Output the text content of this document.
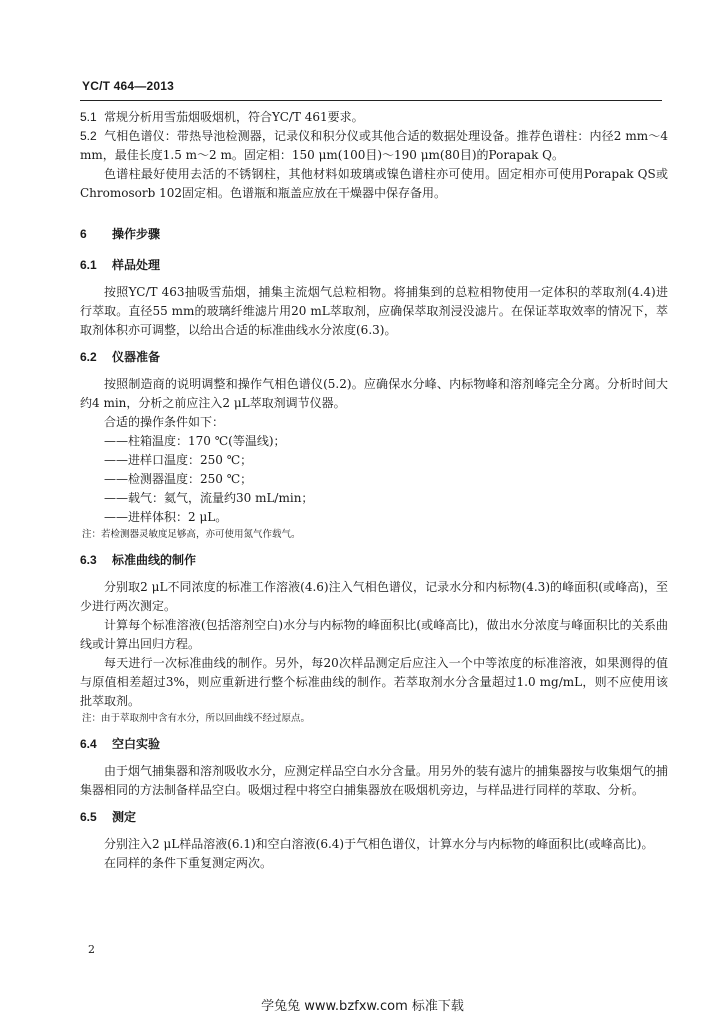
YC/T 464—2013

5.1 常规分析用雪茄烟吸烟机，符合YC/T 461要求。

5.2 气相色谱仪：带热导池检测器，记录仪和积分仪或其他合适的数据处理设备。推荐色谱柱：内径2 mm～4 mm，最佳长度1.5 m～2 m。固定相：150 μm(100目)～190 μm(80目)的Porapak Q。

色谱柱最好使用去活的不锈钢柱，其他材料如玻璃或镍色谱柱亦可使用。固定相亦可使用Porapak QS或Chromosorb 102固定相。色谱瓶和瓶盖应放在干燥器中保存备用。

6 操作步骤

6.1 样品处理

按照YC/T 463抽吸雪茄烟，捕集主流烟气总粒相物。将捕集到的总粒相物使用一定体积的萃取剂(4.4)进行萃取。直径55 mm的玻璃纤维滤片用20 mL萃取剂，应确保萃取剂浸没滤片。在保证萃取效率的情况下，萃取剂体积亦可调整，以给出合适的标准曲线水分浓度(6.3)。

6.2 仪器准备

按照制造商的说明调整和操作气相色谱仪(5.2)。应确保水分峰、内标物峰和溶剂峰完全分离。分析时间大约4 min，分析之前应注入2 μL萃取剂调节仪器。

合适的操作条件如下：

——柱箱温度：170 ℃(等温线)；

——进样口温度：250 ℃；

——检测器温度：250 ℃；

——载气：氦气，流量约30 mL/min；

——进样体积：2 μL。

注：若检测器灵敏度足够高，亦可使用氮气作载气。

6.3 标准曲线的制作

分别取2 μL不同浓度的标准工作溶液(4.6)注入气相色谱仪，记录水分和内标物(4.3)的峰面积(或峰高)，至少进行两次测定。

计算每个标准溶液(包括溶剂空白)水分与内标物的峰面积比(或峰高比)，做出水分浓度与峰面积比的关系曲线或计算出回归方程。

每天进行一次标准曲线的制作。另外，每20次样品测定后应注入一个中等浓度的标准溶液，如果测得的值与原值相差超过3%，则应重新进行整个标准曲线的制作。若萃取剂水分含量超过1.0 mg/mL，则不应使用该批萃取剂。

注：由于萃取剂中含有水分，所以回曲线不经过原点。

6.4 空白实验

由于烟气捕集器和溶剂吸收水分，应测定样品空白水分含量。用另外的装有滤片的捕集器按与收集烟气的捕集器相同的方法制备样品空白。吸烟过程中将空白捕集器放在吸烟机旁边，与样品进行同样的萃取、分析。

6.5 测定

分别注入2 μL样品溶液(6.1)和空白溶液(6.4)于气相色谱仪，计算水分与内标物的峰面积比(或峰高比)。

在同样的条件下重复测定两次。

2
学兔兔 www.bzfxw.com 标准下载
